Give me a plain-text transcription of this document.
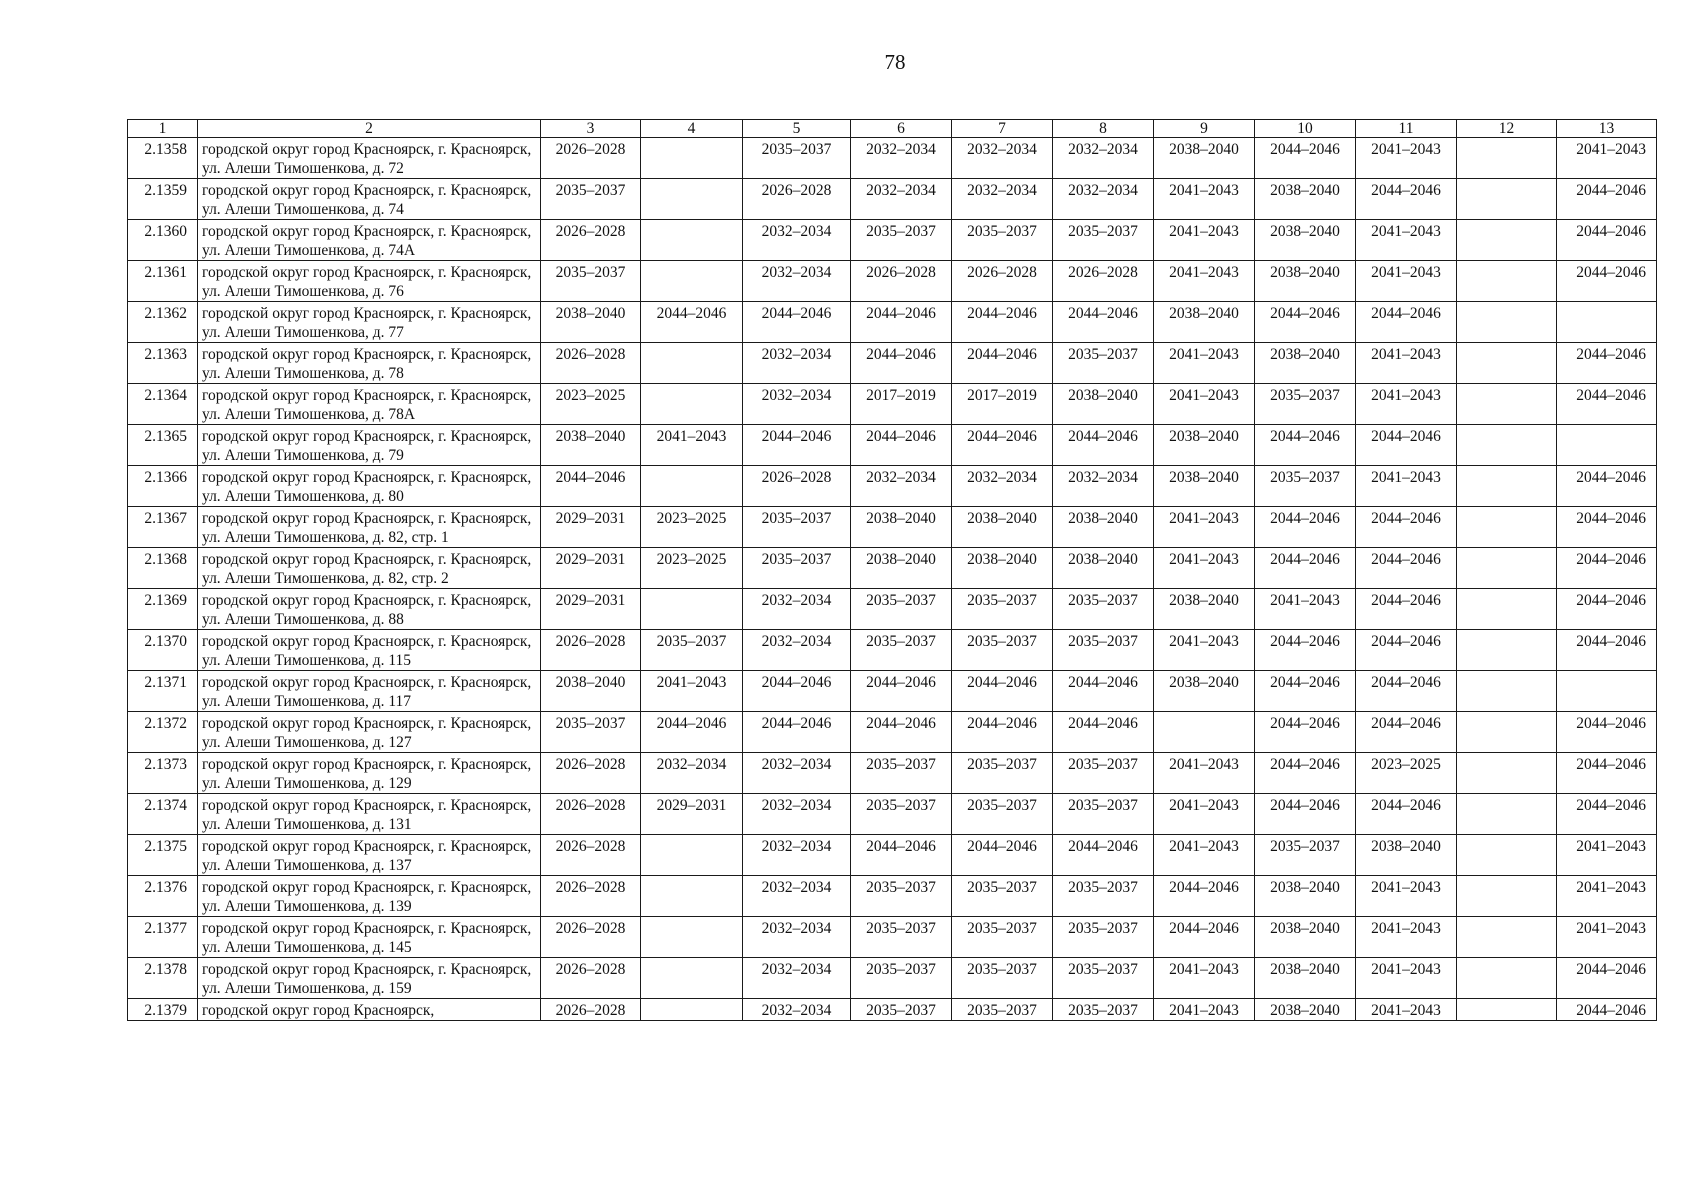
78
1	2	3	4	5	6	7	8	9	10	11	12	13
2.1358	городской округ город Красноярск, г. Красноярск, ул. Алеши Тимошенкова, д. 72	2026–2028		2035–2037	2032–2034	2032–2034	2032–2034	2038–2040	2044–2046	2041–2043		2041–2043
2.1359	городской округ город Красноярск, г. Красноярск, ул. Алеши Тимошенкова, д. 74	2035–2037		2026–2028	2032–2034	2032–2034	2032–2034	2041–2043	2038–2040	2044–2046		2044–2046
2.1360	городской округ город Красноярск, г. Красноярск, ул. Алеши Тимошенкова, д. 74А	2026–2028		2032–2034	2035–2037	2035–2037	2035–2037	2041–2043	2038–2040	2041–2043		2044–2046
2.1361	городской округ город Красноярск, г. Красноярск, ул. Алеши Тимошенкова, д. 76	2035–2037		2032–2034	2026–2028	2026–2028	2026–2028	2041–2043	2038–2040	2041–2043		2044–2046
2.1362	городской округ город Красноярск, г. Красноярск, ул. Алеши Тимошенкова, д. 77	2038–2040	2044–2046	2044–2046	2044–2046	2044–2046	2044–2046	2038–2040	2044–2046	2044–2046		
2.1363	городской округ город Красноярск, г. Красноярск, ул. Алеши Тимошенкова, д. 78	2026–2028		2032–2034	2044–2046	2044–2046	2035–2037	2041–2043	2038–2040	2041–2043		2044–2046
2.1364	городской округ город Красноярск, г. Красноярск, ул. Алеши Тимошенкова, д. 78А	2023–2025		2032–2034	2017–2019	2017–2019	2038–2040	2041–2043	2035–2037	2041–2043		2044–2046
2.1365	городской округ город Красноярск, г. Красноярск, ул. Алеши Тимошенкова, д. 79	2038–2040	2041–2043	2044–2046	2044–2046	2044–2046	2044–2046	2038–2040	2044–2046	2044–2046		
2.1366	городской округ город Красноярск, г. Красноярск, ул. Алеши Тимошенкова, д. 80	2044–2046		2026–2028	2032–2034	2032–2034	2032–2034	2038–2040	2035–2037	2041–2043		2044–2046
2.1367	городской округ город Красноярск, г. Красноярск, ул. Алеши Тимошенкова, д. 82, стр. 1	2029–2031	2023–2025	2035–2037	2038–2040	2038–2040	2038–2040	2041–2043	2044–2046	2044–2046		2044–2046
2.1368	городской округ город Красноярск, г. Красноярск, ул. Алеши Тимошенкова, д. 82, стр. 2	2029–2031	2023–2025	2035–2037	2038–2040	2038–2040	2038–2040	2041–2043	2044–2046	2044–2046		2044–2046
2.1369	городской округ город Красноярск, г. Красноярск, ул. Алеши Тимошенкова, д. 88	2029–2031		2032–2034	2035–2037	2035–2037	2035–2037	2038–2040	2041–2043	2044–2046		2044–2046
2.1370	городской округ город Красноярск, г. Красноярск, ул. Алеши Тимошенкова, д. 115	2026–2028	2035–2037	2032–2034	2035–2037	2035–2037	2035–2037	2041–2043	2044–2046	2044–2046		2044–2046
2.1371	городской округ город Красноярск, г. Красноярск, ул. Алеши Тимошенкова, д. 117	2038–2040	2041–2043	2044–2046	2044–2046	2044–2046	2044–2046	2038–2040	2044–2046	2044–2046		
2.1372	городской округ город Красноярск, г. Красноярск, ул. Алеши Тимошенкова, д. 127	2035–2037	2044–2046	2044–2046	2044–2046	2044–2046	2044–2046		2044–2046	2044–2046		2044–2046
2.1373	городской округ город Красноярск, г. Красноярск, ул. Алеши Тимошенкова, д. 129	2026–2028	2032–2034	2032–2034	2035–2037	2035–2037	2035–2037	2041–2043	2044–2046	2023–2025		2044–2046
2.1374	городской округ город Красноярск, г. Красноярск, ул. Алеши Тимошенкова, д. 131	2026–2028	2029–2031	2032–2034	2035–2037	2035–2037	2035–2037	2041–2043	2044–2046	2044–2046		2044–2046
2.1375	городской округ город Красноярск, г. Красноярск, ул. Алеши Тимошенкова, д. 137	2026–2028		2032–2034	2044–2046	2044–2046	2044–2046	2041–2043	2035–2037	2038–2040		2041–2043
2.1376	городской округ город Красноярск, г. Красноярск, ул. Алеши Тимошенкова, д. 139	2026–2028		2032–2034	2035–2037	2035–2037	2035–2037	2044–2046	2038–2040	2041–2043		2041–2043
2.1377	городской округ город Красноярск, г. Красноярск, ул. Алеши Тимошенкова, д. 145	2026–2028		2032–2034	2035–2037	2035–2037	2035–2037	2044–2046	2038–2040	2041–2043		2041–2043
2.1378	городской округ город Красноярск, г. Красноярск, ул. Алеши Тимошенкова, д. 159	2026–2028		2032–2034	2035–2037	2035–2037	2035–2037	2041–2043	2038–2040	2041–2043		2044–2046
2.1379	городской округ город Красноярск,	2026–2028		2032–2034	2035–2037	2035–2037	2035–2037	2041–2043	2038–2040	2041–2043		2044–2046
